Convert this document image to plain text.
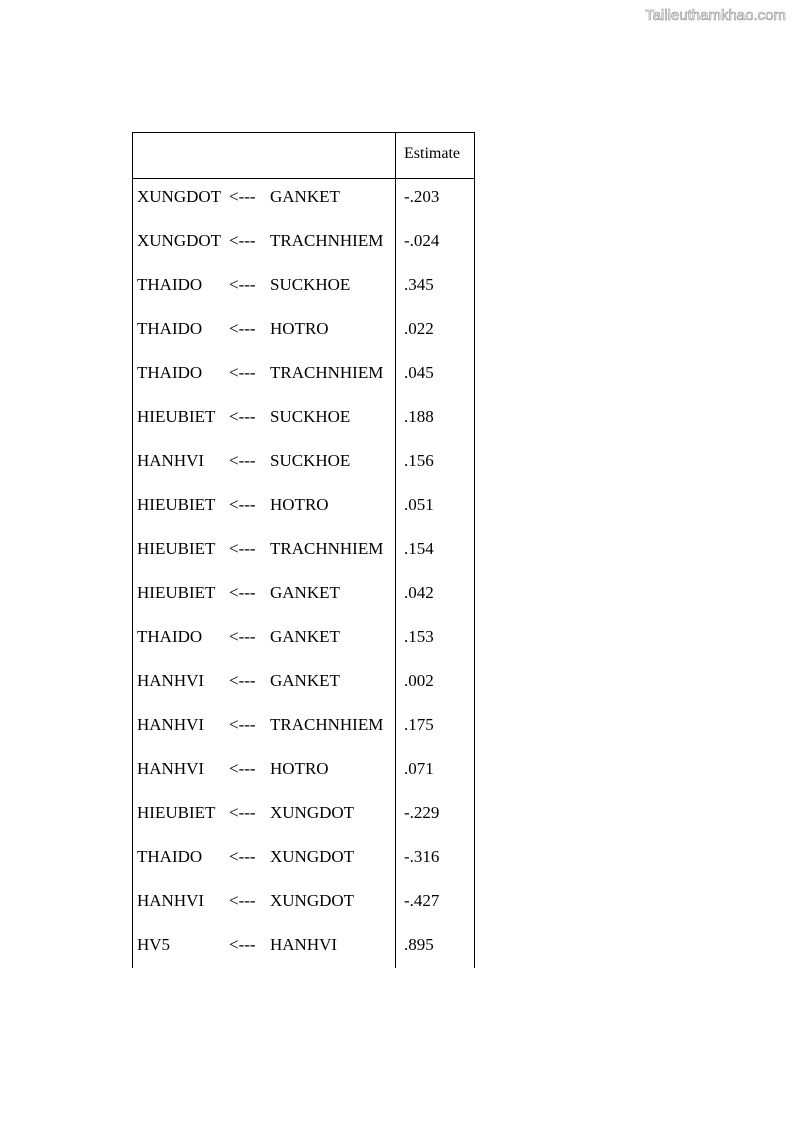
Tailieuthamkhao.com
Estimate
XUNGDOT <--- GANKET	-.203
XUNGDOT <--- TRACHNHIEM -.024
THAIDO <--- SUCKHOE	.345
THAIDO <--- HOTRO	.022
THAIDO <--- TRACHNHIEM .045
HIEUBIET <--- SUCKHOE	.188
HANHVI <--- SUCKHOE	.156
HIEUBIET <--- HOTRO	.051
HIEUBIET <--- TRACHNHIEM .154
HIEUBIET <--- GANKET	.042
THAIDO <--- GANKET	.153
HANHVI <--- GANKET	.002
HANHVI <--- TRACHNHIEM .175
HANHVI <--- HOTRO	.071
HIEUBIET <--- XUNGDOT	-.229
THAIDO <--- XUNGDOT	-.316
HANHVI <--- XUNGDOT	-.427
HV5	<--- HANHVI	.895
